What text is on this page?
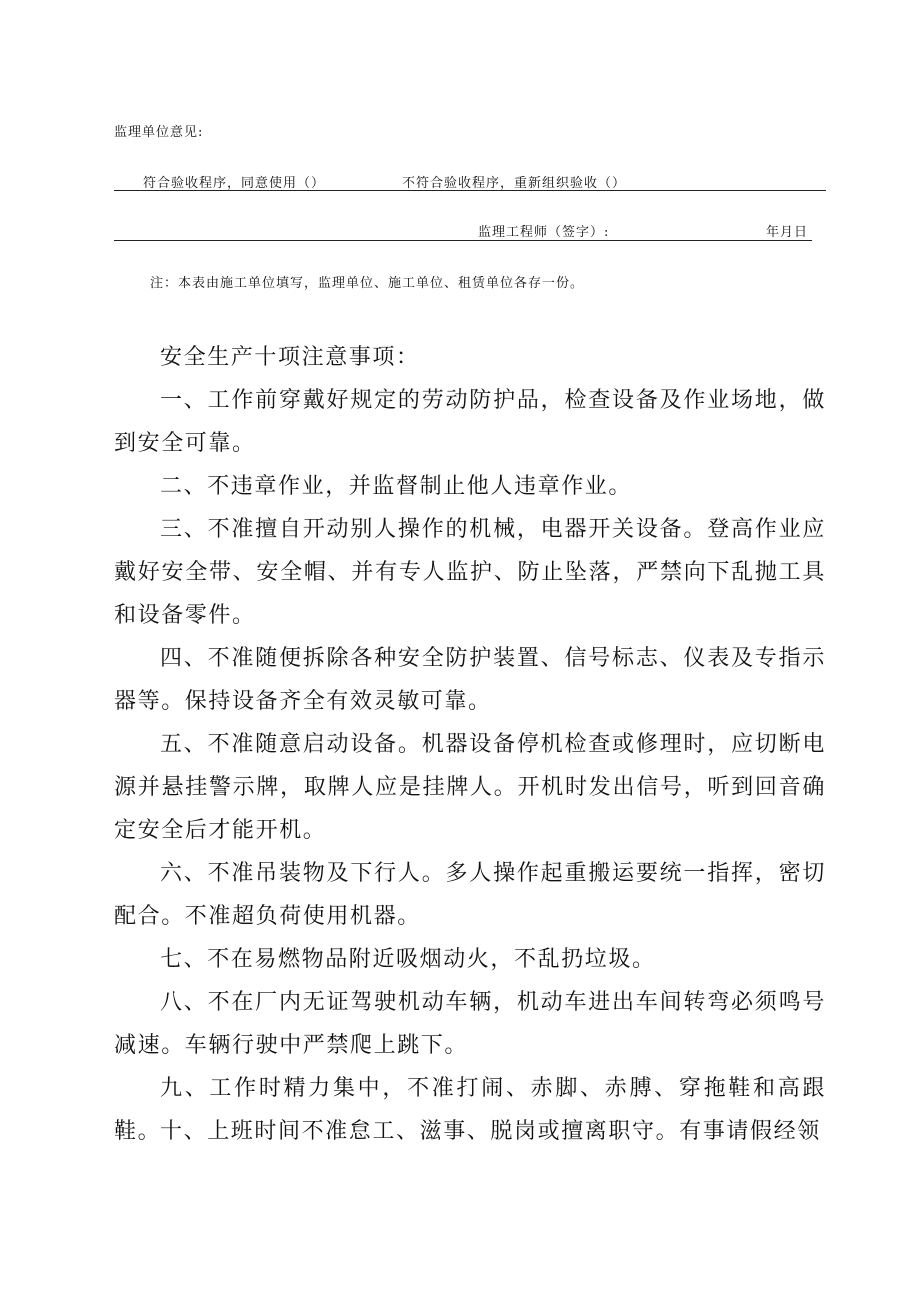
监理单位意见:
符合验收程序，同意使用（）	不符合验收程序，重新组织验收（）
监理工程师（签字）:	年月日
注：本表由施工单位填写，监理单位、施工单位、租赁单位各存一份。
安全生产十项注意事项：

一、工作前穿戴好规定的劳动防护品，检查设备及作业场地，做到安全可靠。

二、不违章作业，并监督制止他人违章作业。

三、不准擅自开动别人操作的机械，电器开关设备。登高作业应戴好安全带、安全帽、并有专人监护、防止坠落，严禁向下乱抛工具和设备零件。

四、不准随便拆除各种安全防护装置、信号标志、仪表及专指示器等。保持设备齐全有效灵敏可靠。

五、不准随意启动设备。机器设备停机检查或修理时，应切断电源并悬挂警示牌，取牌人应是挂牌人。开机时发出信号，听到回音确定安全后才能开机。

六、不准吊装物及下行人。多人操作起重搬运要统一指挥，密切配合。不准超负荷使用机器。

七、不在易燃物品附近吸烟动火，不乱扔垃圾。

八、不在厂内无证驾驶机动车辆，机动车进出车间转弯必须鸣号减速。车辆行驶中严禁爬上跳下。

九、工作时精力集中，不准打闹、赤脚、赤膊、穿拖鞋和高跟鞋。

十、上班时间不准怠工、滋事、脱岗或擅离职守。有事请假经领
